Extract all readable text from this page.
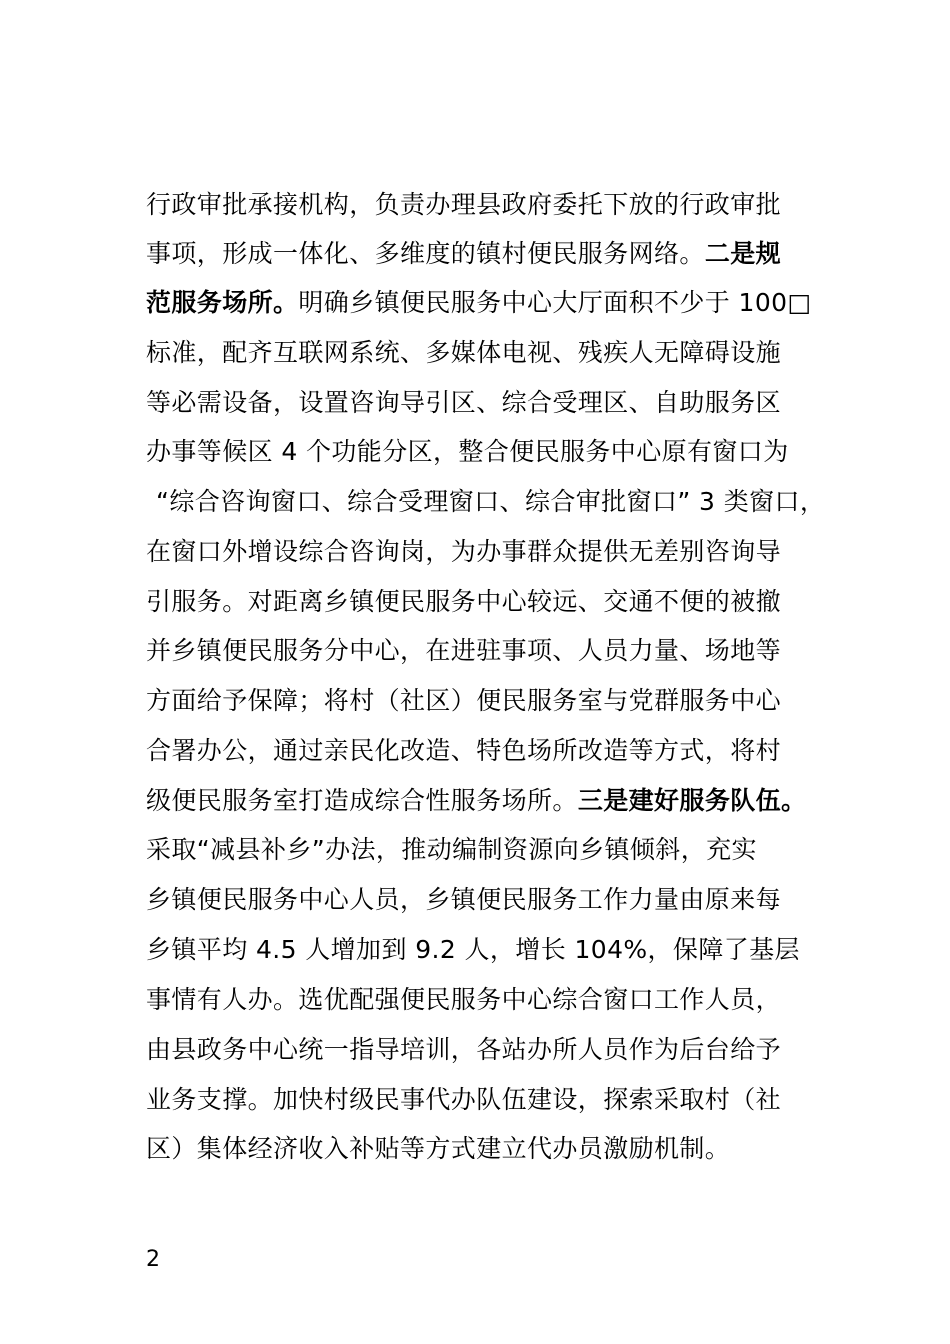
行政审批承接机构，负责办理县政府委托下放的行政审批
事项，形成一体化、多维度的镇村便民服务网络。二是规
范服务场所。明确乡镇便民服务中心大厅面积不少于 100□
标准，配齐互联网系统、多媒体电视、残疾人无障碍设施
等必需设备，设置咨询导引区、综合受理区、自助服务区
办事等候区 4 个功能分区，整合便民服务中心原有窗口为
“综合咨询窗口、综合受理窗口、综合审批窗口” 3 类窗口，
在窗口外增设综合咨询岗，为办事群众提供无差别咨询导
引服务。对距离乡镇便民服务中心较远、交通不便的被撤
并乡镇便民服务分中心，在进驻事项、人员力量、场地等
方面给予保障；将村（社区）便民服务室与党群服务中心
合署办公，通过亲民化改造、特色场所改造等方式，将村
级便民服务室打造成综合性服务场所。三是建好服务队伍。
采取“减县补乡”办法，推动编制资源向乡镇倾斜，充实
乡镇便民服务中心人员，乡镇便民服务工作力量由原来每
乡镇平均 4.5 人增加到 9.2 人，增长 104%，保障了基层
事情有人办。选优配强便民服务中心综合窗口工作人员，
由县政务中心统一指导培训，各站办所人员作为后台给予
业务支撑。加快村级民事代办队伍建设，探索采取村（社
区）集体经济收入补贴等方式建立代办员激励机制。
2
